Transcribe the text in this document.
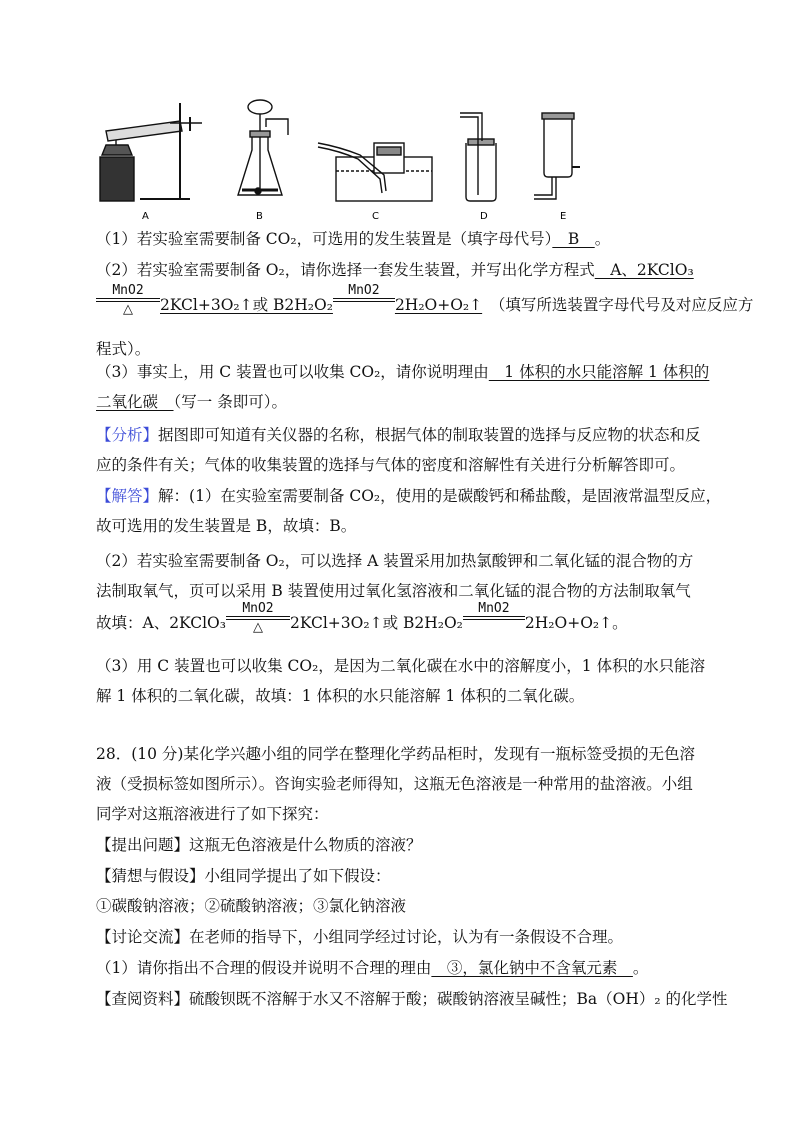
A	B	C	D	E
（1）若实验室需要制备 CO₂，可选用的发生装置是（填字母代号）　B　。
（2）若实验室需要制备 O₂，请你选择一套发生装置，并写出化学方程式　A、2KClO₃
MnO2
△	2KCl+3O₂↑或 B2H₂O₂
MnO2
2H₂O+O₂↑　 （填写所选装置字母代号及对应反应方
程式）。
（3）事实上，用 C 装置也可以收集 CO₂，请你说明理由　1 体积的水只能溶解 1 体积的
二氧化碳　（写一 条即可）。
【分析】据图即可知道有关仪器的名称，根据气体的制取装置的选择与反应物的状态和反
应的条件有关；气体的收集装置的选择与气体的密度和溶解性有关进行分析解答即可。
【解答】解：(1）在实验室需要制备 CO₂，使用的是碳酸钙和稀盐酸，是固液常温型反应，
故可选用的发生装置是 B，故填：B。
（2）若实验室需要制备 O₂，可以选择 A 装置采用加热氯酸钾和二氧化锰的混合物的方
法制取氧气，页可以采用 B 装置使用过氧化氢溶液和二氧化锰的混合物的方法制取氧气
故填：A、2KClO₃
MnO2
△	2KCl+3O₂↑或 B2H₂O₂
MnO2
2H₂O+O₂↑。
（3）用 C 装置也可以收集 CO₂，是因为二氧化碳在水中的溶解度小，1 体积的水只能溶
解 1 体积的二氧化碳，故填：1 体积的水只能溶解 1 体积的二氧化碳。
28．(10 分)某化学兴趣小组的同学在整理化学药品柜时，发现有一瓶标签受损的无色溶
液（受损标签如图所示）。咨询实验老师得知，这瓶无色溶液是一种常用的盐溶液。小组
同学对这瓶溶液进行了如下探究：
【提出问题】这瓶无色溶液是什么物质的溶液？
【猜想与假设】小组同学提出了如下假设：
①碳酸钠溶液；②硫酸钠溶液；③氯化钠溶液
【讨论交流】在老师的指导下，小组同学经过讨论，认为有一条假设不合理。
（1）请你指出不合理的假设并说明不合理的理由　③，氯化钠中不含氧元素　。
【查阅资料】硫酸钡既不溶解于水又不溶解于酸；碳酸钠溶液呈碱性；Ba（OH）₂ 的化学性
